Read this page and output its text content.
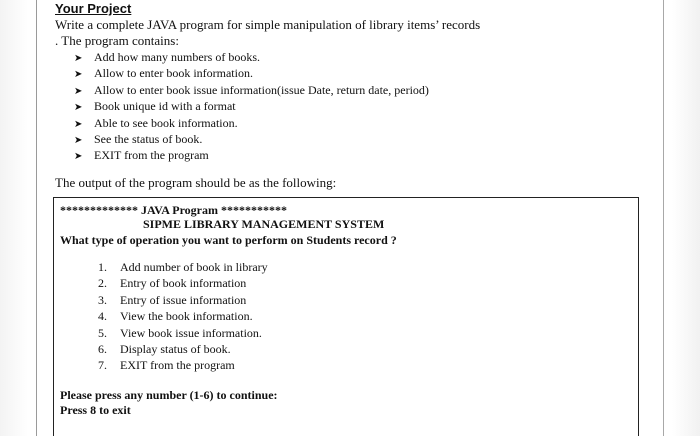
Your Project
Write a complete JAVA program for simple manipulation of library items’ records
. The program contains:
➤ Add how many numbers of books.
➤ Allow to enter book information.
➤ Allow to enter book issue information(issue Date, return date, period)
➤ Book unique id with a format
➤ Able to see book information.
➤ See the status of book.
➤ EXIT from the program
The output of the program should be as the following:
************* JAVA Program ***********
SIPME LIBRARY MANAGEMENT SYSTEM
What type of operation you want to perform on Students record ?
1. Add number of book in library
2. Entry of book information
3. Entry of issue information
4. View the book information.
5. View book issue information.
6. Display status of book.
7. EXIT from the program
Please press any number (1-6) to continue:
Press 8 to exit
